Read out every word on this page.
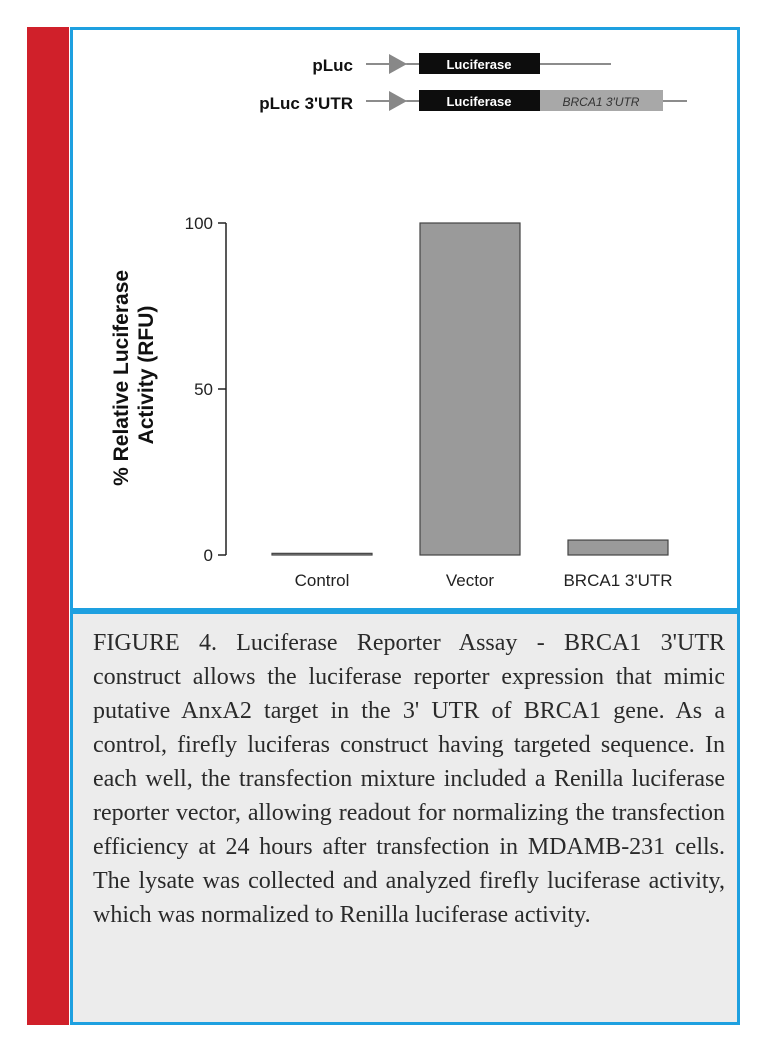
pLuc	Luciferase
pLuc 3'UTR	Luciferase	BRCA1 3'UTR
0
50
100
Control	Vector	BRCA1 3'UTR
% Relative Luciferase Activity (RFU)

FIGURE 4. Luciferase Reporter Assay - BRCA1 3'UTR construct allows the luciferase reporter expression that mimic putative AnxA2 target in the 3' UTR of BRCA1 gene. As a control, firefly luciferas construct having targeted sequence. In each well, the transfection mixture included a Renilla luciferase reporter vector, allowing readout for normalizing the transfection efficiency at 24 hours after transfection in MDAMB-231 cells. The lysate was collected and analyzed firefly luciferase activity, which was normalized to Renilla luciferase activity.
